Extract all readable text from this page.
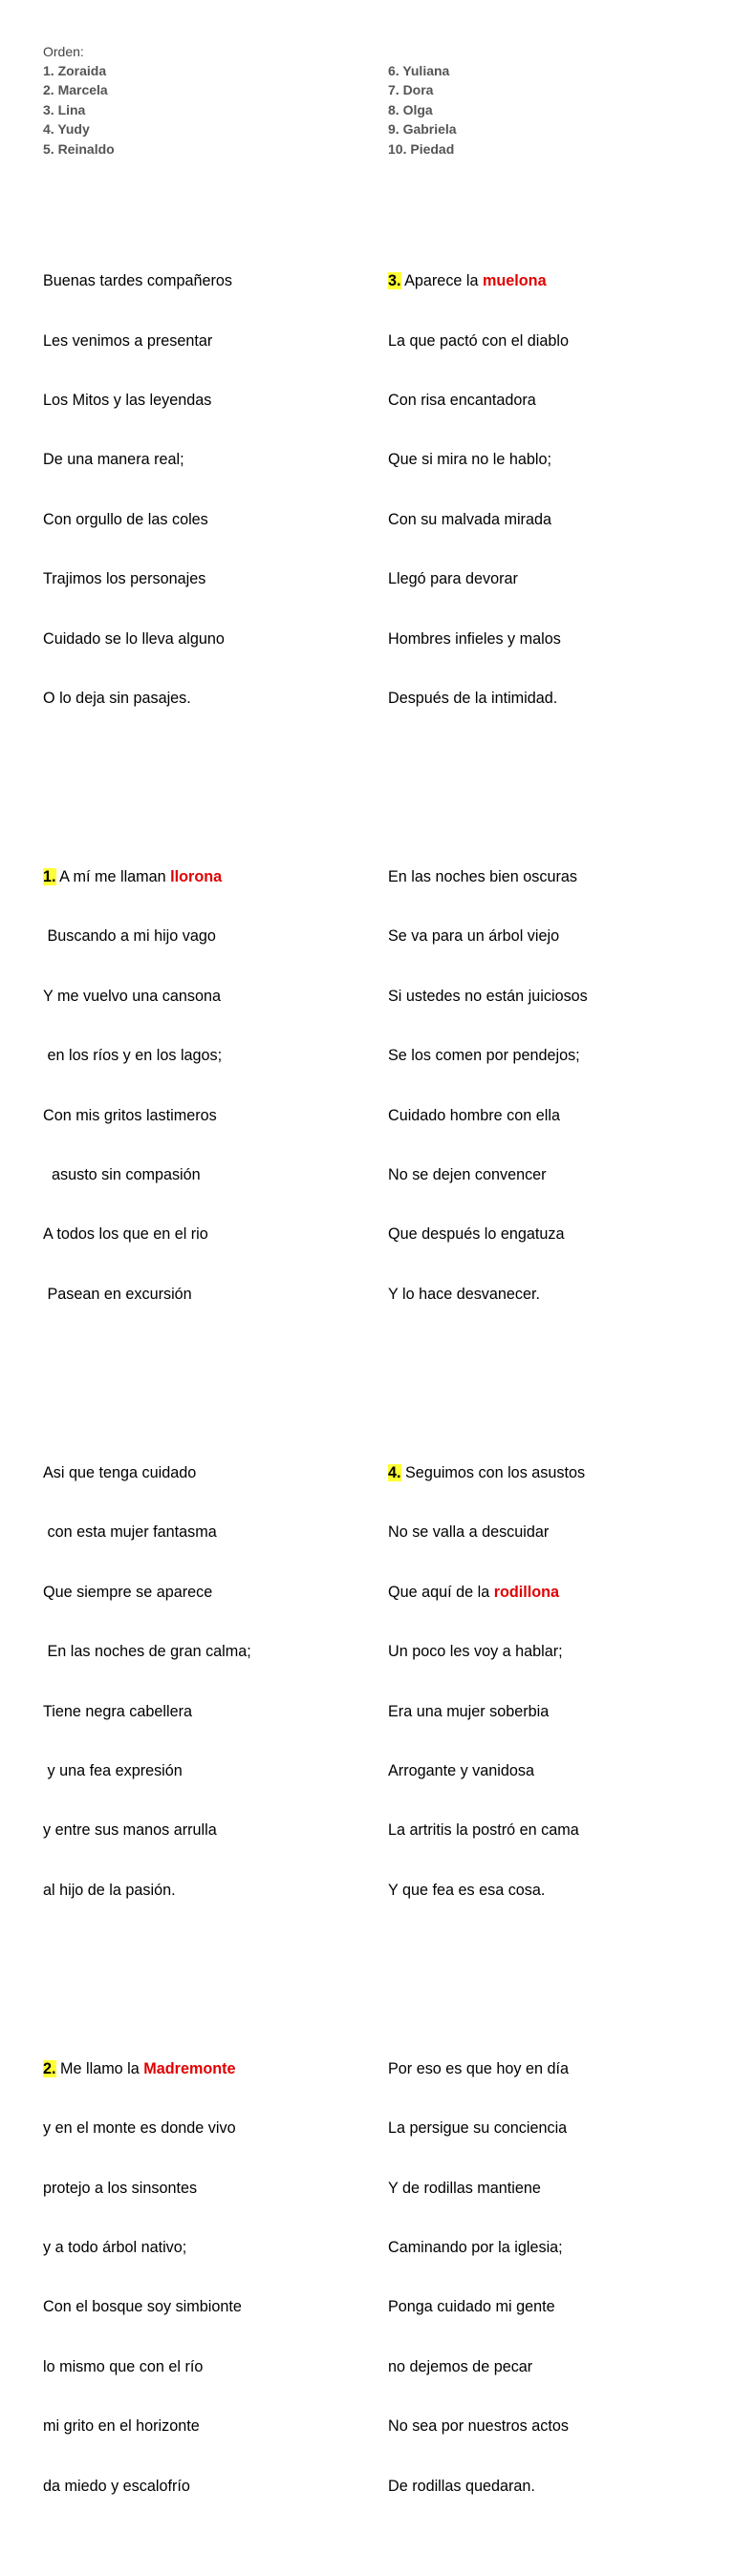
Orden:
1. Zoraida
2. Marcela
3. Lina
4. Yudy
5. Reinaldo
6. Yuliana
7. Dora
8. Olga
9. Gabriela
10. Piedad

Buenas tardes compañeros

Les venimos a presentar

Los Mitos y las leyendas

De una manera real;

Con orgullo de las coles

Trajimos los personajes

Cuidado se lo lleva alguno

O lo deja sin pasajes.

1. A mí me llaman llorona

Buscando a mi hijo vago

Y me vuelvo una cansona

en los ríos y en los lagos;

Con mis gritos lastimeros

asusto sin compasión

A todos los que en el rio

Pasean en excursión

Asi que tenga cuidado

con esta mujer fantasma

Que siempre se aparece

En las noches de gran calma;

Tiene negra cabellera

y una fea expresión

y entre sus manos arrulla

al hijo de la pasión.

2. Me llamo la Madremonte

y en el monte es donde vivo

protejo a los sinsontes

y a todo árbol nativo;

Con el bosque soy simbionte

lo mismo que con el río

mi grito en el horizonte

da miedo y escalofrío

3. Aparece la muelona

La que pactó con el diablo

Con risa encantadora

Que si mira no le hablo;

Con su malvada mirada

Llegó para devorar

Hombres infieles y malos

Después de la intimidad.

En las noches bien oscuras

Se va para un árbol viejo

Si ustedes no están juiciosos

Se los comen por pendejos;

Cuidado hombre con ella

No se dejen convencer

Que después lo engatuza

Y lo hace desvanecer.

4. Seguimos con los asustos

No se valla a descuidar

Que aquí de la rodillona

Un poco les voy a hablar;

Era una mujer soberbia

Arrogante y vanidosa

La artritis la postró en cama

Y que fea es esa cosa.

Por eso es que hoy en día

La persigue su conciencia

Y de rodillas mantiene

Caminando por la iglesia;

Ponga cuidado mi gente

no dejemos de pecar

No sea por nuestros actos

De rodillas quedaran.
